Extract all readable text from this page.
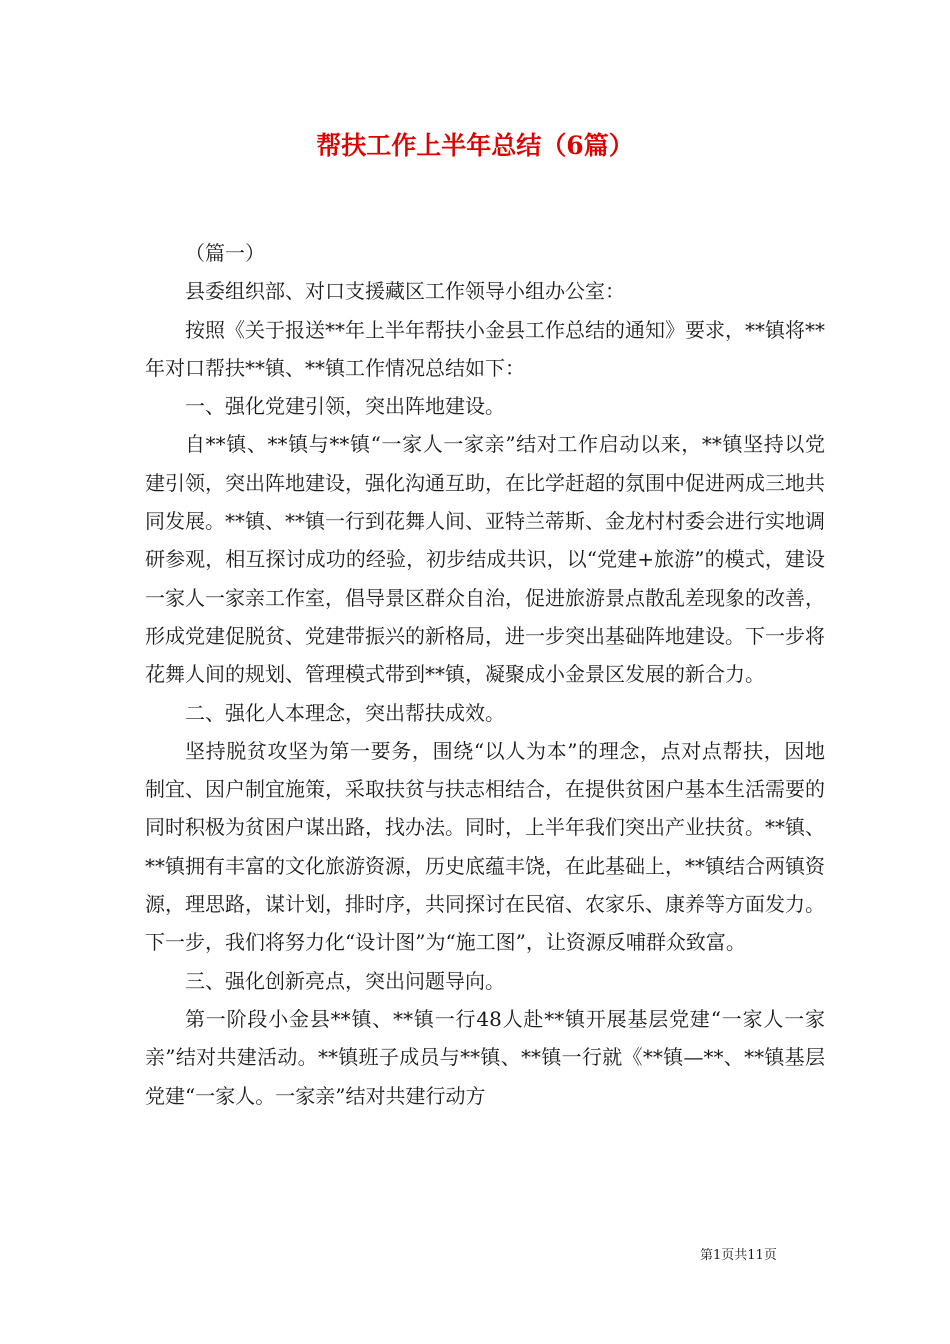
帮扶工作上半年总结（6篇）

（篇一）

县委组织部、对口支援藏区工作领导小组办公室：

按照《关于报送**年上半年帮扶小金县工作总结的通知》要求，**镇将**年对口帮扶**镇、**镇工作情况总结如下：

一、强化党建引领，突出阵地建设。

自**镇、**镇与**镇“一家人一家亲”结对工作启动以来，**镇坚持以党建引领，突出阵地建设，强化沟通互助，在比学赶超的氛围中促进两成三地共同发展。**镇、**镇一行到花舞人间、亚特兰蒂斯、金龙村村委会进行实地调研参观，相互探讨成功的经验，初步结成共识，以“党建+旅游”的模式，建设一家人一家亲工作室，倡导景区群众自治，促进旅游景点散乱差现象的改善，形成党建促脱贫、党建带振兴的新格局，进一步突出基础阵地建设。下一步将花舞人间的规划、管理模式带到**镇，凝聚成小金景区发展的新合力。

二、强化人本理念，突出帮扶成效。

坚持脱贫攻坚为第一要务，围绕“以人为本”的理念，点对点帮扶，因地制宜、因户制宜施策，采取扶贫与扶志相结合，在提供贫困户基本生活需要的同时积极为贫困户谋出路，找办法。同时，上半年我们突出产业扶贫。**镇、**镇拥有丰富的文化旅游资源，历史底蕴丰饶，在此基础上，**镇结合两镇资源，理思路，谋计划，排时序，共同探讨在民宿、农家乐、康养等方面发力。下一步，我们将努力化“设计图”为“施工图”，让资源反哺群众致富。

三、强化创新亮点，突出问题导向。

第一阶段小金县**镇、**镇一行48人赴**镇开展基层党建“一家人一家亲”结对共建活动。**镇班子成员与**镇、**镇一行就《**镇—**、**镇基层党建“一家人。一家亲”结对共建行动方

第1页共11页
